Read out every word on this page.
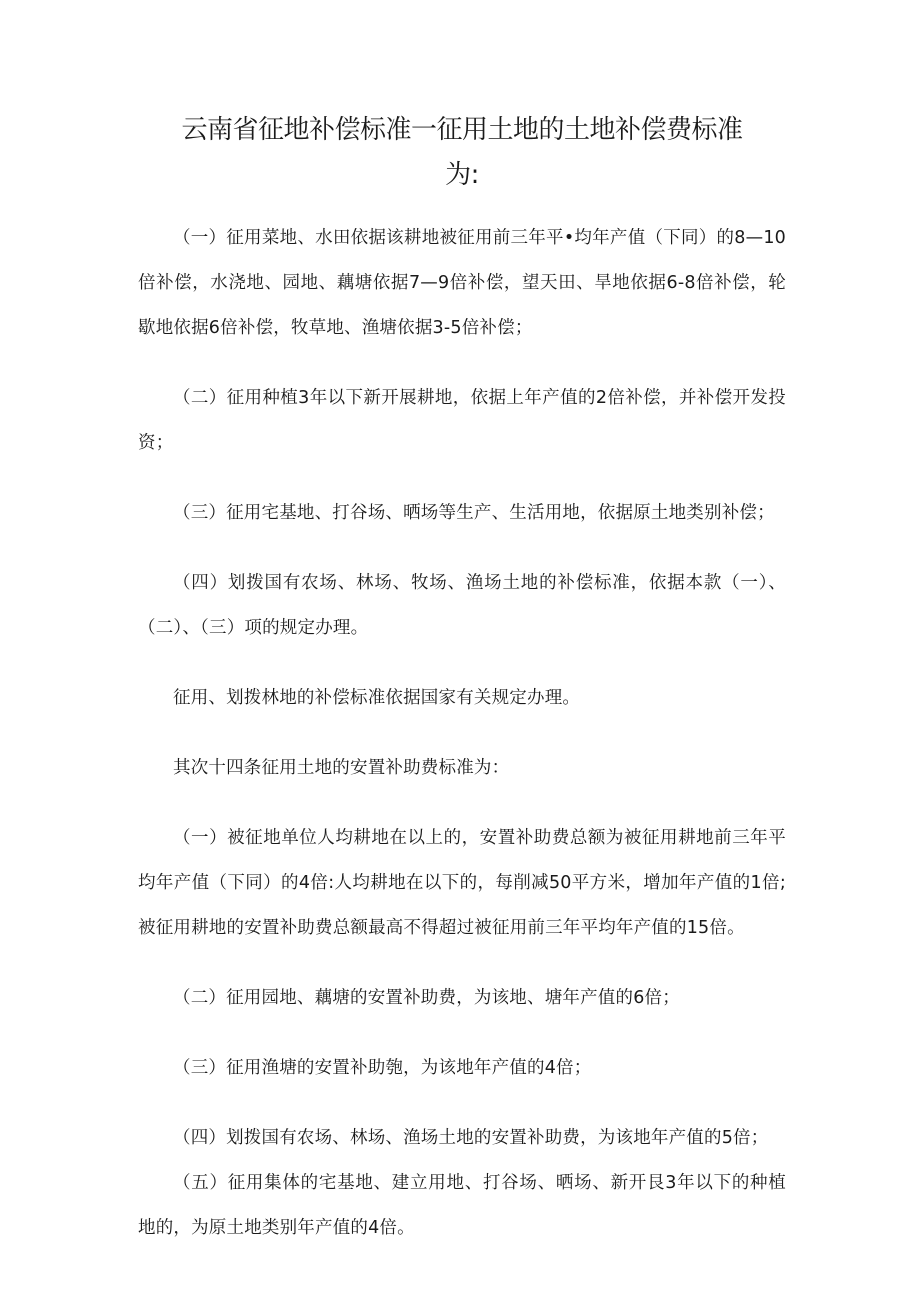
云南省征地补偿标准一征用土地的土地补偿费标准
为:

（一）征用菜地、水田依据该耕地被征用前三年平•均年产值（下同）的8—10倍补偿，水浇地、园地、藕塘依据7—9倍补偿，望天田、旱地依据6-8倍补偿，轮歇地依据6倍补偿，牧草地、渔塘依据3-5倍补偿；

（二）征用种植3年以下新开展耕地，依据上年产值的2倍补偿，并补偿开发投资；

（三）征用宅基地、打谷场、晒场等生产、生活用地，依据原土地类别补偿；

（四）划拨国有农场、林场、牧场、渔场土地的补偿标准，依据本款（一）、（二）、（三）项的规定办理。

征用、划拨林地的补偿标准依据国家有关规定办理。

其次十四条征用土地的安置补助费标准为：

（一）被征地单位人均耕地在以上的，安置补助费总额为被征用耕地前三年平均年产值（下同）的4倍:人均耕地在以下的，每削减50平方米，增加年产值的1倍;被征用耕地的安置补助费总额最高不得超过被征用前三年平均年产值的15倍。

（二）征用园地、藕塘的安置补助费，为该地、塘年产值的6倍；

（三）征用渔塘的安置补助匏，为该地年产值的4倍；

（四）划拨国有农场、林场、渔场土地的安置补助费，为该地年产值的5倍；

（五）征用集体的宅基地、建立用地、打谷场、晒场、新开艮3年以下的种植地的，为原土地类别年产值的4倍。
